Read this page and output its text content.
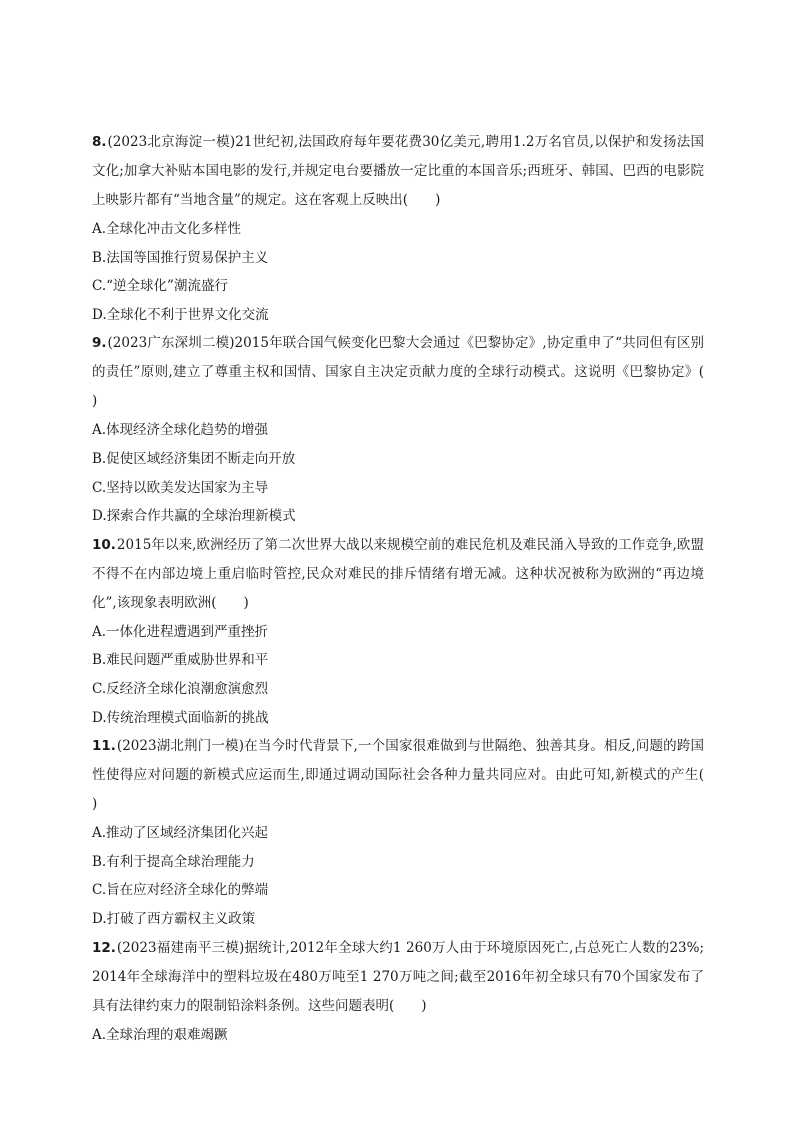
8.(2023北京海淀一模)21世纪初,法国政府每年要花费30亿美元,聘用1.2万名官员,以保护和发扬法国文化;加拿大补贴本国电影的发行,并规定电台要播放一定比重的本国音乐;西班牙、韩国、巴西的电影院上映影片都有“当地含量”的规定。这在客观上反映出(　　)

A.全球化冲击文化多样性

B.法国等国推行贸易保护主义

C.“逆全球化”潮流盛行

D.全球化不利于世界文化交流

9.(2023广东深圳二模)2015年联合国气候变化巴黎大会通过《巴黎协定》,协定重申了“共同但有区别的责任”原则,建立了尊重主权和国情、国家自主决定贡献力度的全球行动模式。这说明《巴黎协定》(　　)

A.体现经济全球化趋势的增强

B.促使区域经济集团不断走向开放

C.坚持以欧美发达国家为主导

D.探索合作共赢的全球治理新模式

10.2015年以来,欧洲经历了第二次世界大战以来规模空前的难民危机及难民涌入导致的工作竞争,欧盟不得不在内部边境上重启临时管控,民众对难民的排斥情绪有增无减。这种状况被称为欧洲的“再边境化”,该现象表明欧洲(　　)

A.一体化进程遭遇到严重挫折

B.难民问题严重威胁世界和平

C.反经济全球化浪潮愈演愈烈

D.传统治理模式面临新的挑战

11.(2023湖北荆门一模)在当今时代背景下,一个国家很难做到与世隔绝、独善其身。相反,问题的跨国性使得应对问题的新模式应运而生,即通过调动国际社会各种力量共同应对。由此可知,新模式的产生(　　)

A.推动了区域经济集团化兴起

B.有利于提高全球治理能力

C.旨在应对经济全球化的弊端

D.打破了西方霸权主义政策

12.(2023福建南平三模)据统计,2012年全球大约1 260万人由于环境原因死亡,占总死亡人数的23%;2014年全球海洋中的塑料垃圾在480万吨至1 270万吨之间;截至2016年初全球只有70个国家发布了具有法律约束力的限制铅涂料条例。这些问题表明(　　)

A.全球治理的艰难竭蹶
